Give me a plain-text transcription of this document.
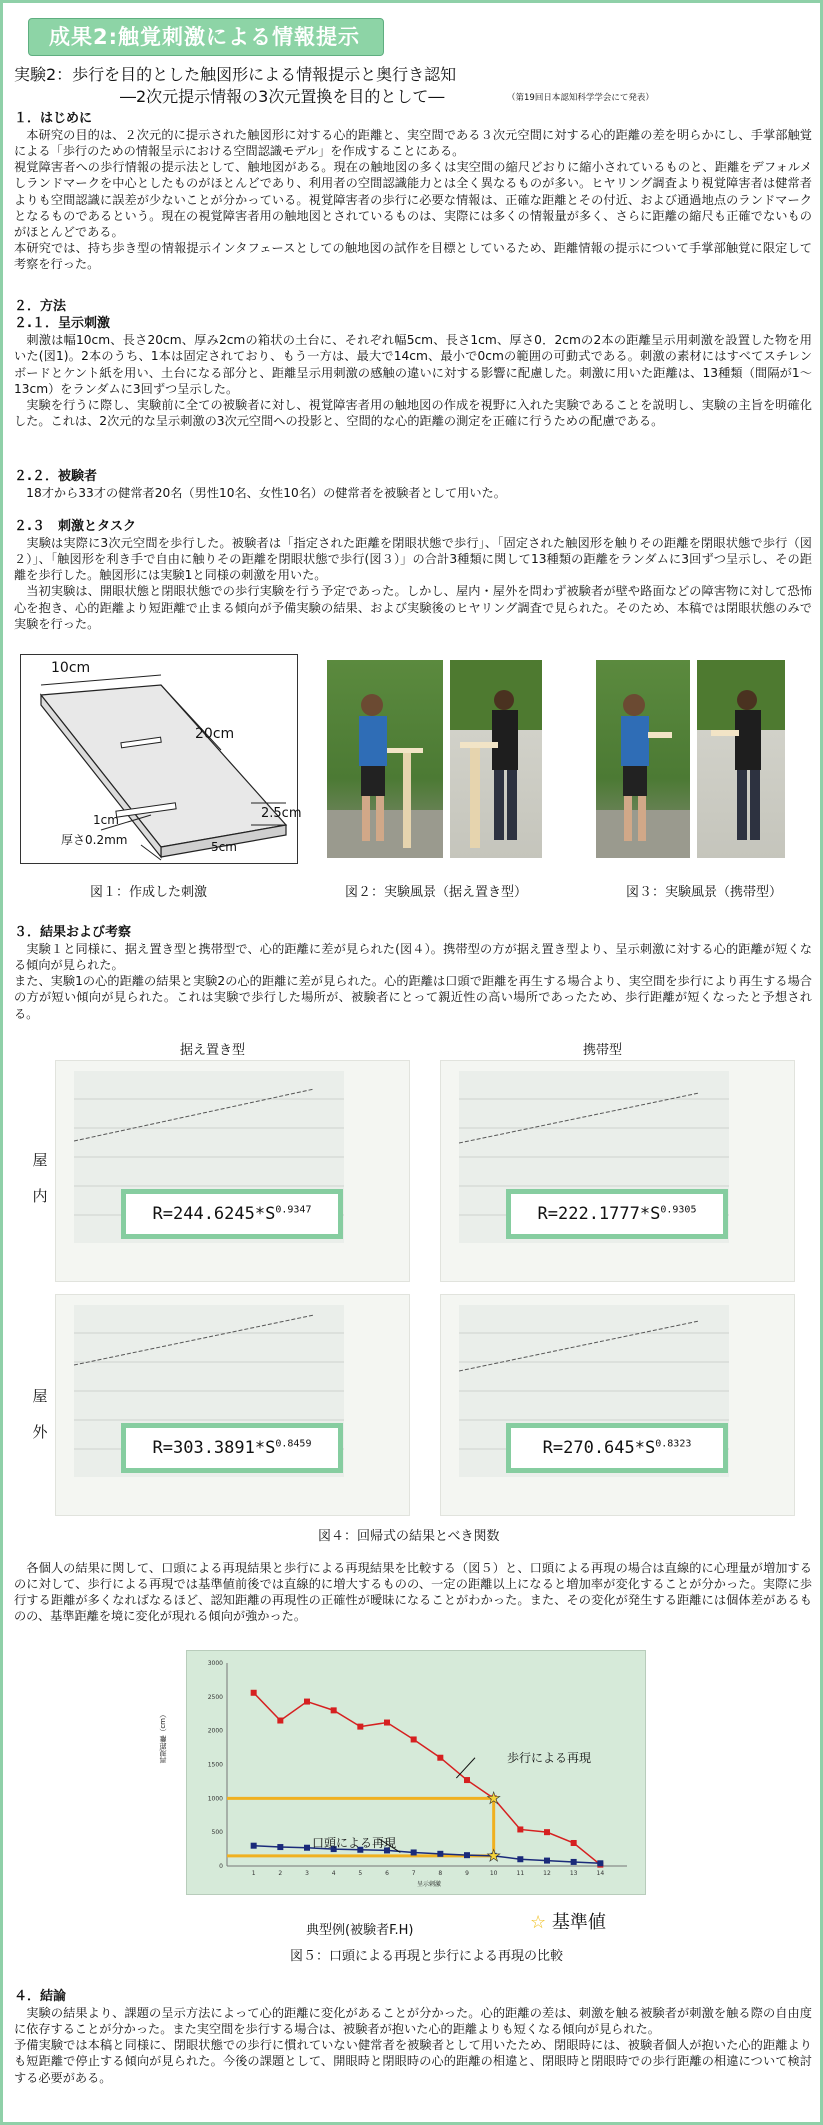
成果2:触覚刺激による情報提示
実験2：歩行を目的とした触図形による情報提示と奥行き認知
―2次元提示情報の3次元置換を目的として―	（第19回日本認知科学学会にて発表）
１．はじめに
　本研究の目的は、２次元的に提示された触図形に対する心的距離と、実空間である３次元空間に対する心的距離の差を明らかにし、手掌部触覚による「歩行のための情報呈示における空間認識モデル」を作成することにある。
視覚障害者への歩行情報の提示法として、触地図がある。現在の触地図の多くは実空間の縮尺どおりに縮小されているものと、距離をデフォルメしランドマークを中心としたものがほとんどであり、利用者の空間認識能力とは全く異なるものが多い。ヒヤリング調査より視覚障害者は健常者よりも空間認識に誤差が少ないことが分かっている。視覚障害者の歩行に必要な情報は、正確な距離とその付近、および通過地点のランドマークとなるものであるという。現在の視覚障害者用の触地図とされているものは、実際には多くの情報量が多く、さらに距離の縮尺も正確でないものがほとんどである。
本研究では、持ち歩き型の情報提示インタフェースとしての触地図の試作を目標としているため、距離情報の提示について手掌部触覚に限定して考察を行った。
２．方法
２.１．呈示刺激
　刺激は幅10cm、長さ20cm、厚み2cmの箱状の土台に、それぞれ幅5cm、長さ1cm、厚さ0．2cmの2本の距離呈示用刺激を設置した物を用いた(図1)。2本のうち、1本は固定されており、もう一方は、最大で14cm、最小で0cmの範囲の可動式である。刺激の素材にはすべてスチレンボードとケント紙を用い、土台になる部分と、距離呈示用刺激の感触の違いに対する影響に配慮した。刺激に用いた距離は、13種類（間隔が1～13cm）をランダムに3回ずつ呈示した。
　実験を行うに際し、実験前に全ての被験者に対し、視覚障害者用の触地図の作成を視野に入れた実験であることを説明し、実験の主旨を明確化した。これは、2次元的な呈示刺激の3次元空間への投影と、空間的な心的距離の測定を正確に行うための配慮である。
２.２．被験者
　18才から33才の健常者20名（男性10名、女性10名）の健常者を被験者として用いた。
２.３　刺激とタスク
　実験は実際に3次元空間を歩行した。被験者は「指定された距離を閉眼状態で歩行」、「固定された触図形を触りその距離を閉眼状態で歩行（図２）」、「触図形を利き手で自由に触りその距離を閉眼状態で歩行(図３）」の合計3種類に関して13種類の距離をランダムに3回ずつ呈示し、その距離を歩行した。触図形には実験1と同様の刺激を用いた。
　当初実験は、開眼状態と閉眼状態での歩行実験を行う予定であった。しかし、屋内・屋外を問わず被験者が壁や路面などの障害物に対して恐怖心を抱き、心的距離より短距離で止まる傾向が予備実験の結果、および実験後のヒヤリング調査で見られた。そのため、本稿では閉眼状態のみで実験を行った。
10cm
20cm
2.5cm
1cm
厚さ0.2mm	5cm
図１：作成した刺激	図２：実験風景（据え置き型）	図３：実験風景（携帯型）
３．結果および考察
　実験１と同様に、据え置き型と携帯型で、心的距離に差が見られた(図４）。携帯型の方が据え置き型より、呈示刺激に対する心的距離が短くなる傾向が見られた。
また、実験1の心的距離の結果と実験2の心的距離に差が見られた。心的距離は口頭で距離を再生する場合より、実空間を歩行により再生する場合の方が短い傾向が見られた。これは実験で歩行した場所が、被験者にとって親近性の高い場所であったため、歩行距離が短くなったと予想される。
据え置き型	携帯型
屋内
屋外
$R=244.6245*S^{0.9347}$	$R=222.1777*S^{0.9305}$
$R=303.3891*S^{0.8459}$	$R=270.645*S^{0.8323}$
図４：回帰式の結果とべき関数
　各個人の結果に関して、口頭による再現結果と歩行による再現結果を比較する（図５）と、口頭による再現の場合は直線的に心理量が増加するのに対して、歩行による再現では基準値前後では直線的に増大するものの、一定の距離以上になると増加率が変化することが分かった。実際に歩行する距離が多くなればなるほど、認知距離の再現性の正確性が曖昧になることがわかった。また、その変化が発生する距離には個体差があるものの、基準距離を境に変化が現れる傾向が強かった。
0
500
1000
1500
2000
2500
3000
1	2	3	4	5	6	7	8	9	10	11	12	13	14
★
★
歩行による再現
口頭による再現
再現距離（cm）
呈示刺激
典型例(被験者F.H)	☆ 基準値
図５：口頭による再現と歩行による再現の比較
４．結論
　実験の結果より、課題の呈示方法によって心的距離に変化があることが分かった。心的距離の差は、刺激を触る被験者が刺激を触る際の自由度に依存することが分かった。また実空間を歩行する場合は、被験者が抱いた心的距離よりも短くなる傾向が見られた。
予備実験では本稿と同様に、閉眼状態での歩行に慣れていない健常者を被験者として用いたため、閉眼時には、被験者個人が抱いた心的距離よりも短距離で停止する傾向が見られた。今後の課題として、開眼時と閉眼時の心的距離の相違と、閉眼時と閉眼時での歩行距離の相違について検討する必要がある。
